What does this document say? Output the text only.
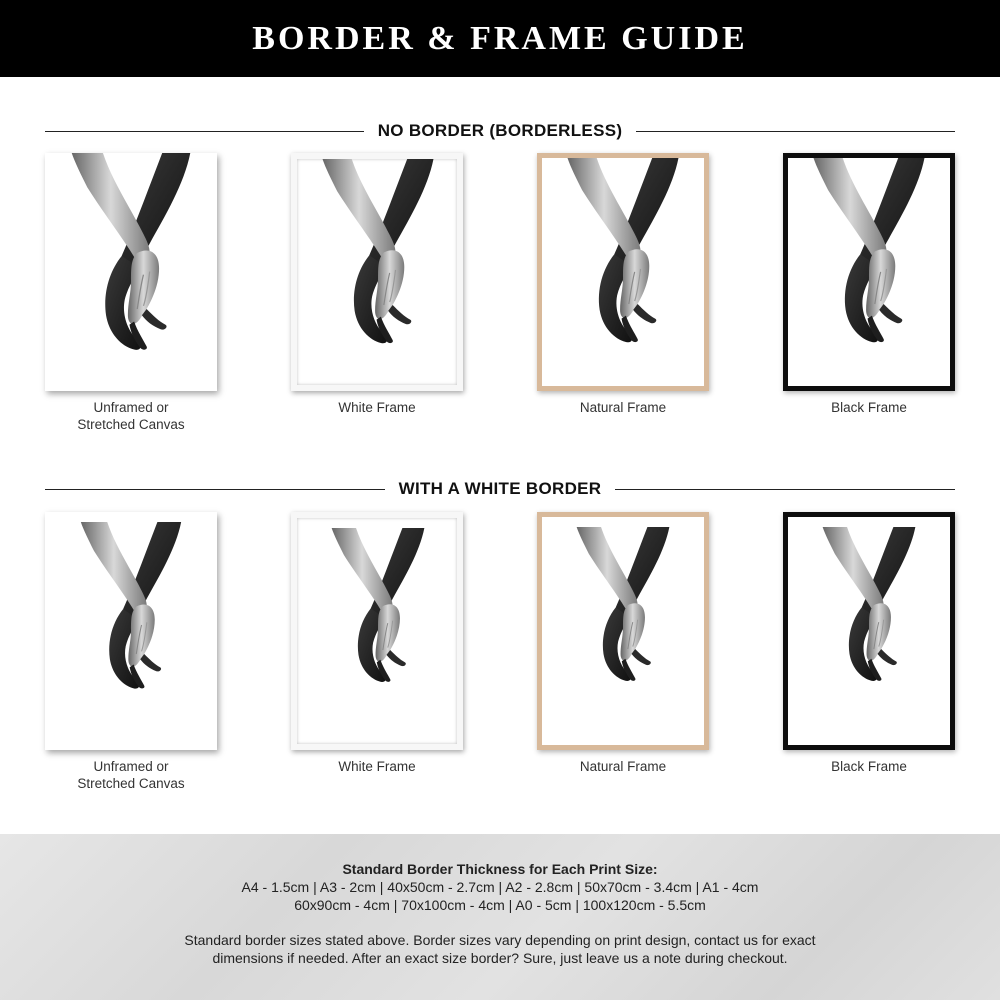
BORDER & FRAME GUIDE
NO BORDER (BORDERLESS)
Unframed or
Stretched Canvas
White Frame	Natural Frame	Black Frame
WITH A WHITE BORDER
Unframed or
Stretched Canvas
White Frame	Natural Frame	Black Frame
Standard Border Thickness for Each Print Size:
A4 - 1.5cm | A3 - 2cm | 40x50cm - 2.7cm | A2 - 2.8cm | 50x70cm - 3.4cm | A1 - 4cm
60x90cm - 4cm | 70x100cm - 4cm | A0 - 5cm | 100x120cm - 5.5cm
Standard border sizes stated above. Border sizes vary depending on print design, contact us for exact
dimensions if needed. After an exact size border? Sure, just leave us a note during checkout.
